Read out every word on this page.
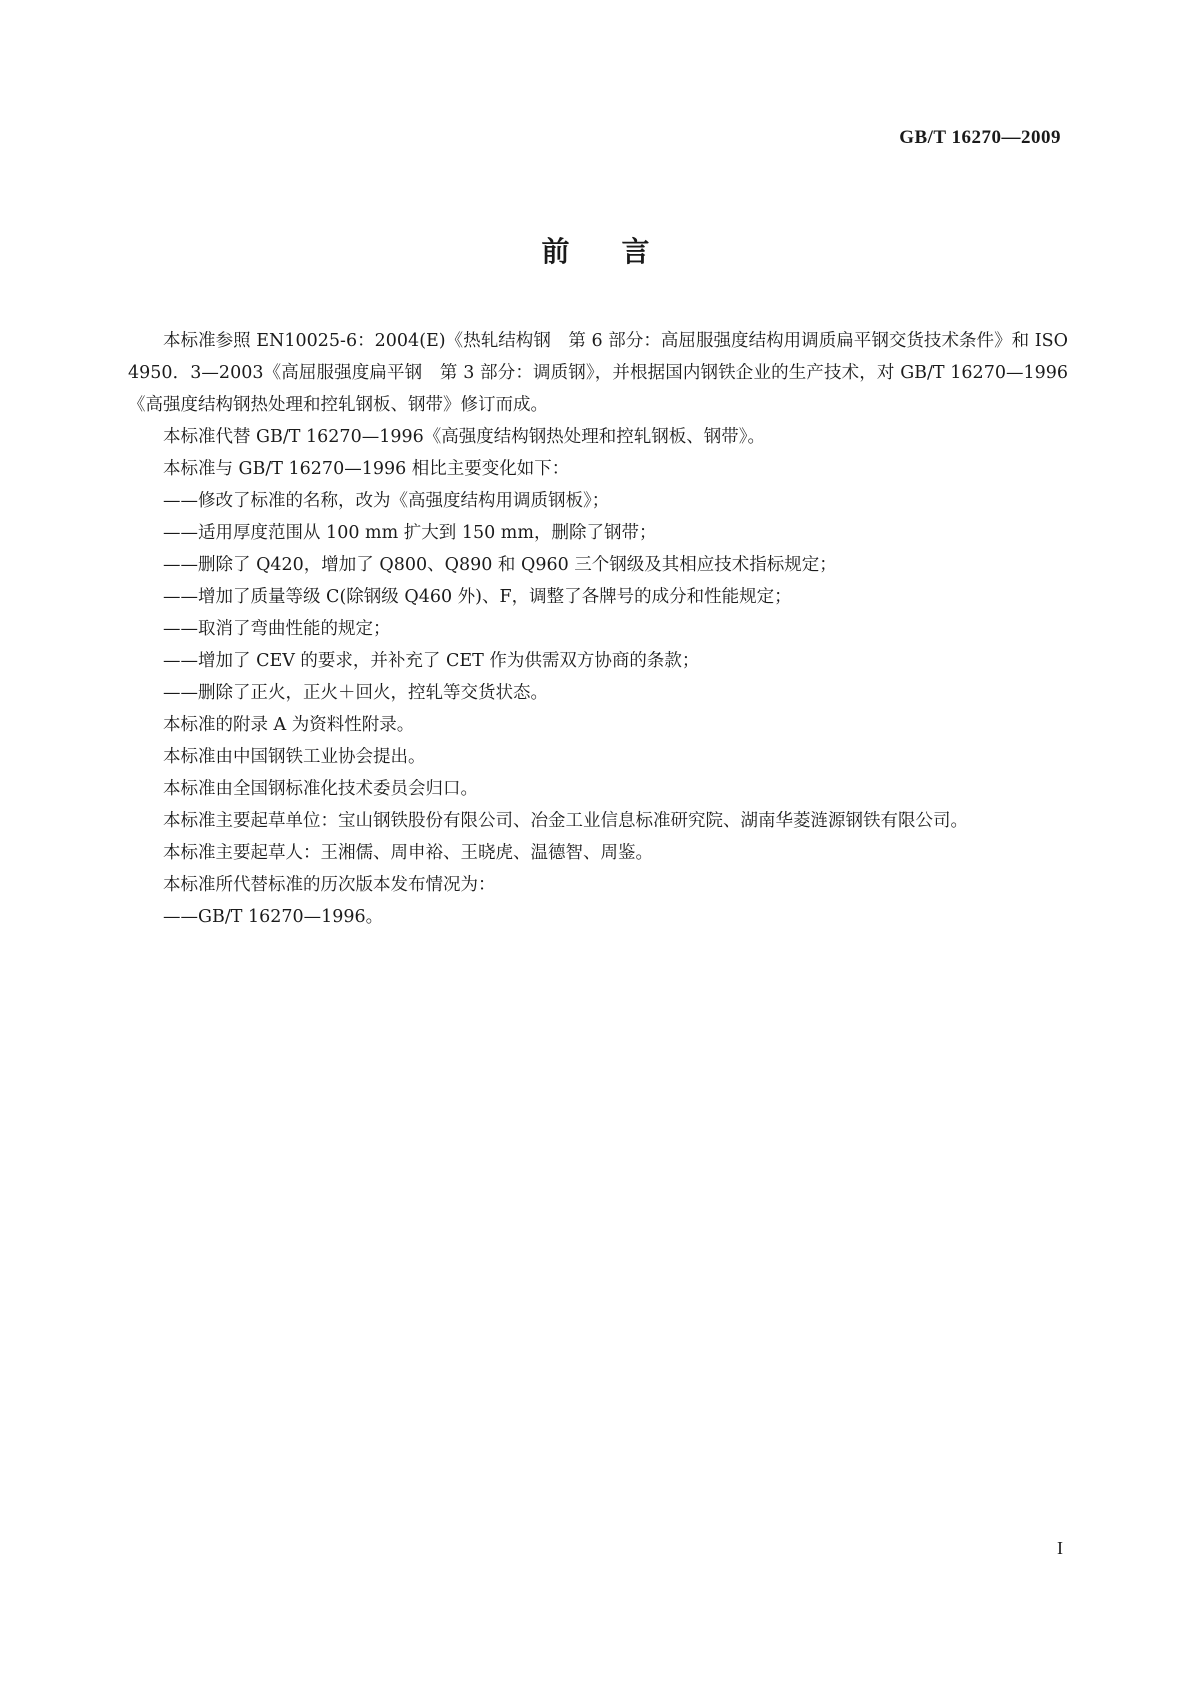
GB/T 16270—2009
前言

本标准参照 EN10025-6：2004(E)《热轧结构钢　第 6 部分：高屈服强度结构用调质扁平钢交货技术条件》和 ISO 4950．3—2003《高屈服强度扁平钢　第 3 部分：调质钢》，并根据国内钢铁企业的生产技术，对 GB/T 16270—1996《高强度结构钢热处理和控轧钢板、钢带》修订而成。

本标准代替 GB/T 16270—1996《高强度结构钢热处理和控轧钢板、钢带》。

本标准与 GB/T 16270—1996 相比主要变化如下：

——修改了标准的名称，改为《高强度结构用调质钢板》；

——适用厚度范围从 100 mm 扩大到 150 mm，删除了钢带；

——删除了 Q420，增加了 Q800、Q890 和 Q960 三个钢级及其相应技术指标规定；

——增加了质量等级 C(除钢级 Q460 外)、F，调整了各牌号的成分和性能规定；

——取消了弯曲性能的规定；

——增加了 CEV 的要求，并补充了 CET 作为供需双方协商的条款；

——删除了正火，正火＋回火，控轧等交货状态。

本标准的附录 A 为资料性附录。

本标准由中国钢铁工业协会提出。

本标准由全国钢标准化技术委员会归口。

本标准主要起草单位：宝山钢铁股份有限公司、冶金工业信息标准研究院、湖南华菱涟源钢铁有限公司。

本标准主要起草人：王湘儒、周申裕、王晓虎、温德智、周鉴。

本标准所代替标准的历次版本发布情况为：

——GB/T 16270—1996。

I
